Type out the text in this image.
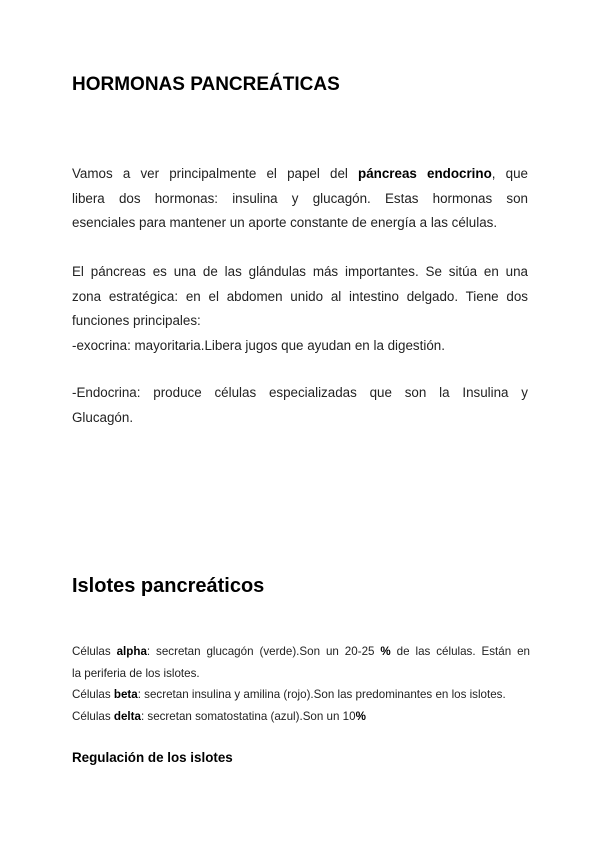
HORMONAS PANCREÁTICAS

Vamos a ver principalmente el papel del páncreas endocrino, que
libera dos hormonas: insulina y glucagón. Estas hormonas son
esenciales para mantener un aporte constante de energía a las células.

El páncreas es una de las glándulas más importantes. Se sitúa en una
zona estratégica: en el abdomen unido al intestino delgado. Tiene dos
funciones principales:
-exocrina: mayoritaria.Libera jugos que ayudan en la digestión.

-Endocrina: produce células especializadas que son la Insulina y
Glucagón.

Islotes pancreáticos

Células alpha: secretan glucagón (verde).Son un 20-25 % de las células. Están en
la periferia de los islotes.
Células beta: secretan insulina y amilina (rojo).Son las predominantes en los islotes.
Células delta: secretan somatostatina (azul).Son un 10%

Regulación de los islotes
